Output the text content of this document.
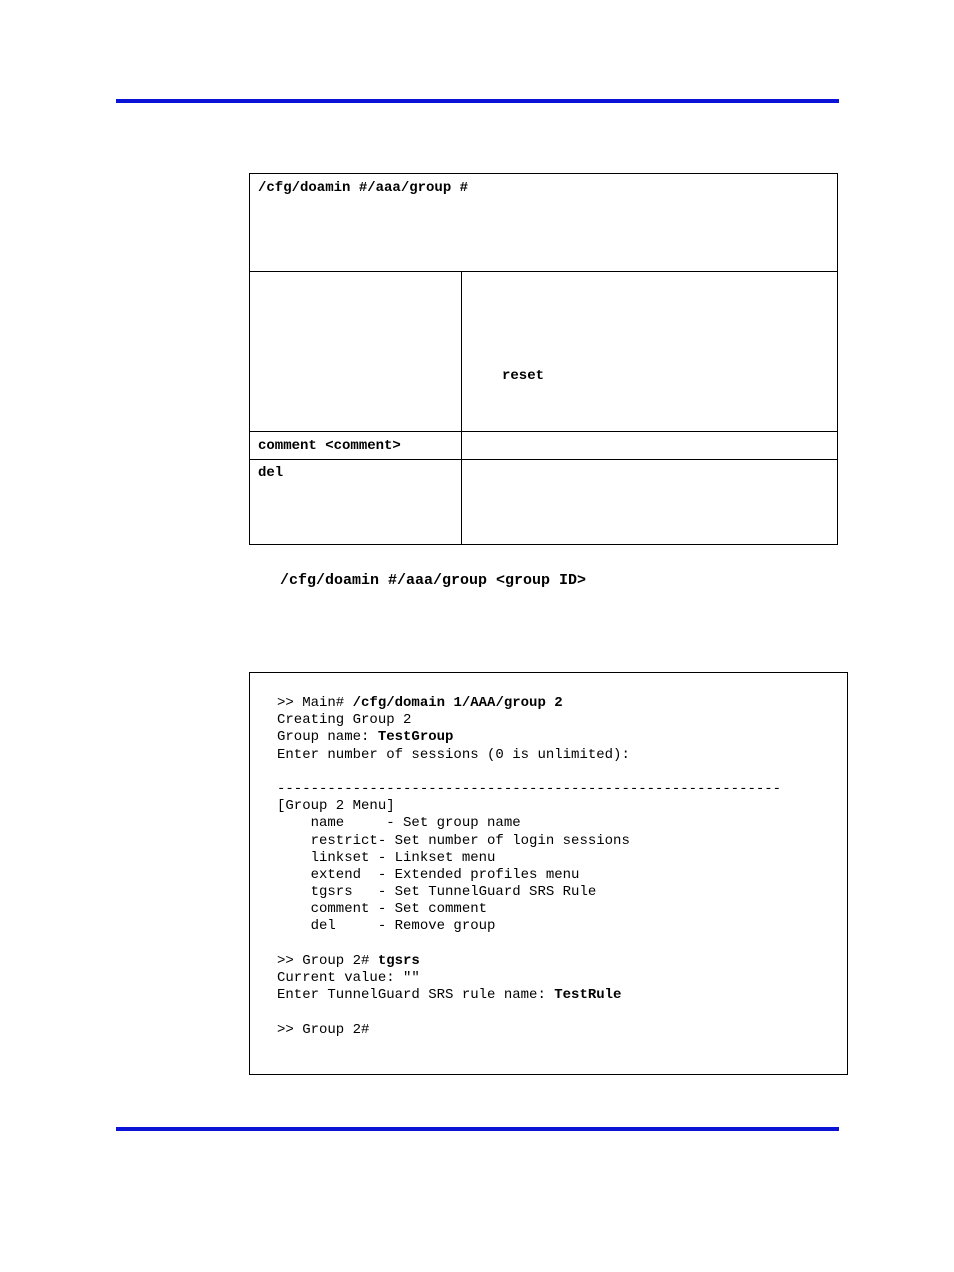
/cfg/doamin #/aaa/group #
reset
comment <comment>
del
/cfg/doamin #/aaa/group <group ID>
>> Main# /cfg/domain 1/AAA/group 2
Creating Group 2
Group name: TestGroup
Enter number of sessions (0 is unlimited):
------------------------------------------------------------
[Group 2 Menu]
name     - Set group name
restrict- Set number of login sessions
linkset - Linkset menu
extend  - Extended profiles menu
tgsrs   - Set TunnelGuard SRS Rule
comment - Set comment
del     - Remove group
>> Group 2# tgsrs
Current value: ""
Enter TunnelGuard SRS rule name: TestRule
>> Group 2#
